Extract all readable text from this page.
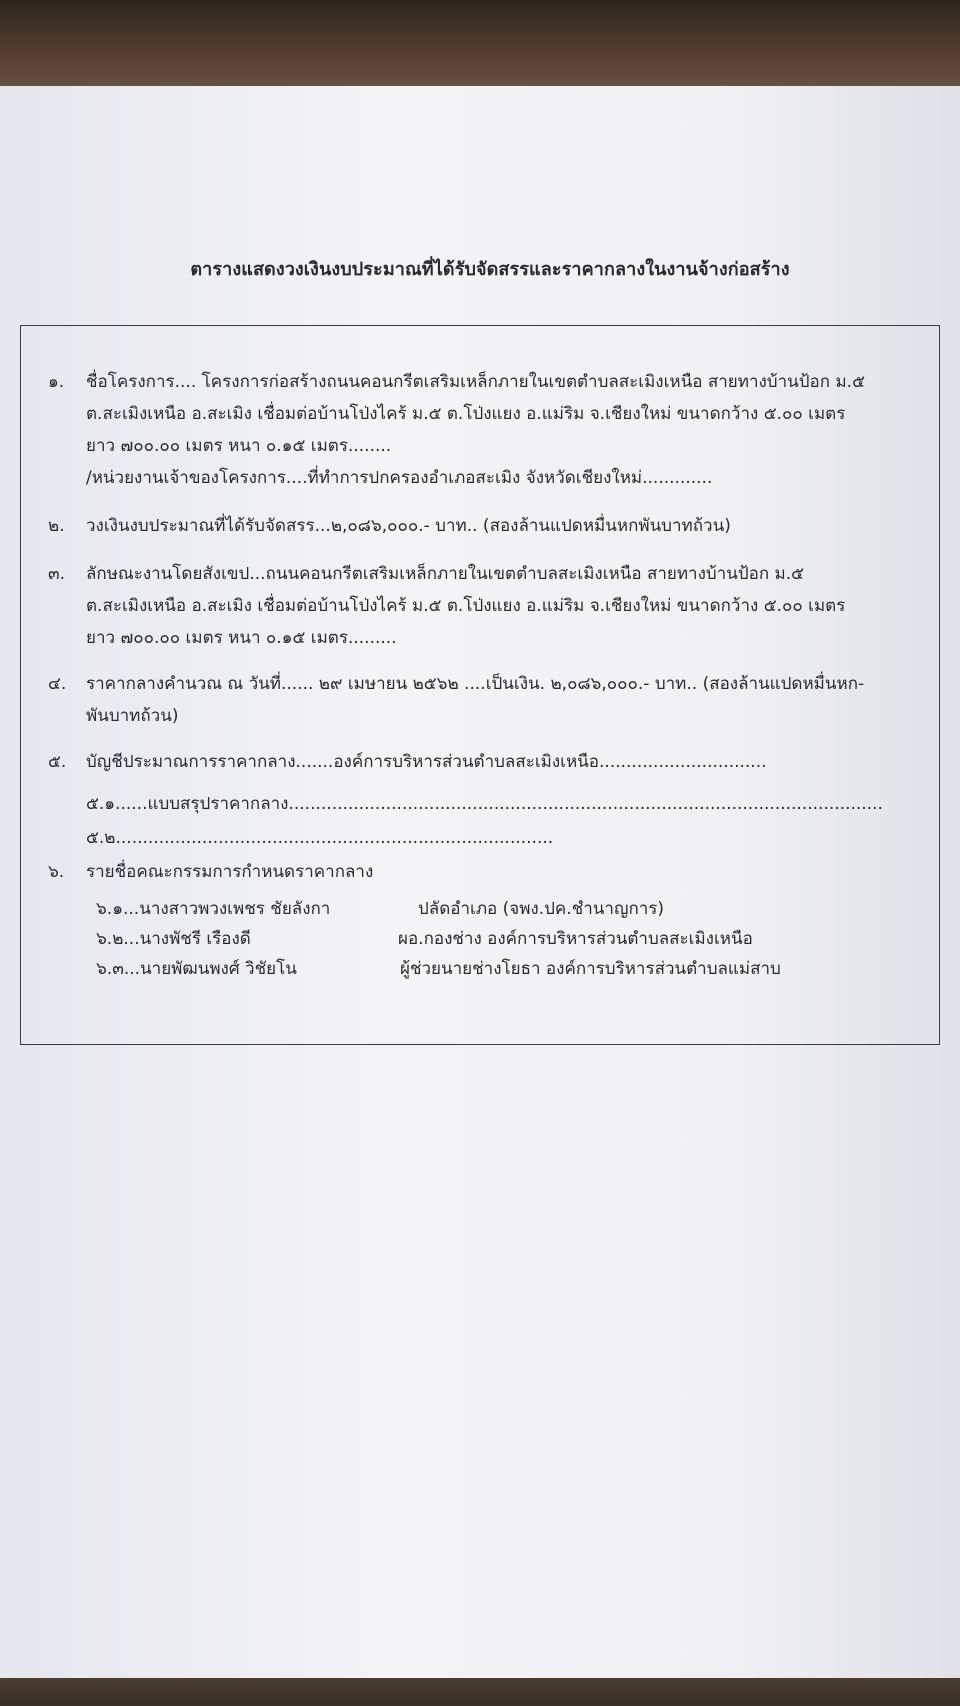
ตารางแสดงวงเงินงบประมาณที่ได้รับจัดสรรและราคากลางในงานจ้างก่อสร้าง
๑. ชื่อโครงการ.... โครงการก่อสร้างถนนคอนกรีตเสริมเหล็กภายในเขตตำบลสะเมิงเหนือ สายทางบ้านป้อก ม.๕
ต.สะเมิงเหนือ อ.สะเมิง เชื่อมต่อบ้านโป่งไคร้ ม.๕ ต.โป่งแยง อ.แม่ริม จ.เชียงใหม่ ขนาดกว้าง ๕.๐๐ เมตร
ยาว ๗๐๐.๐๐ เมตร หนา ๐.๑๕ เมตร........
/หน่วยงานเจ้าของโครงการ....ที่ทำการปกครองอำเภอสะเมิง จังหวัดเชียงใหม่.............
๒. วงเงินงบประมาณที่ได้รับจัดสรร...๒,๐๘๖,๐๐๐.- บาท.. (สองล้านแปดหมื่นหกพันบาทถ้วน)
๓. ลักษณะงานโดยสังเขป...ถนนคอนกรีตเสริมเหล็กภายในเขตตำบลสะเมิงเหนือ สายทางบ้านป้อก ม.๕
ต.สะเมิงเหนือ อ.สะเมิง เชื่อมต่อบ้านโป่งไคร้ ม.๕ ต.โป่งแยง อ.แม่ริม จ.เชียงใหม่ ขนาดกว้าง ๕.๐๐ เมตร
ยาว ๗๐๐.๐๐ เมตร หนา ๐.๑๕ เมตร.........
๔. ราคากลางคำนวณ ณ วันที่...... ๒๙ เมษายน ๒๕๖๒ ....เป็นเงิน. ๒,๐๘๖,๐๐๐.- บาท.. (สองล้านแปดหมื่นหก-
พันบาทถ้วน)
๕. บัญชีประมาณการราคากลาง.......องค์การบริหารส่วนตำบลสะเมิงเหนือ...............................
๕.๑......แบบสรุปราคากลาง..............................................................................................................
๕.๒.................................................................................
๖. รายชื่อคณะกรรมการกำหนดราคากลาง
๖.๑...นางสาวพวงเพชร ชัยลังกา	ปลัดอำเภอ (จพง.ปค.ชำนาญการ)
๖.๒...นางพัชรี เรืองดี	ผอ.กองช่าง องค์การบริหารส่วนตำบลสะเมิงเหนือ
๖.๓...นายพัฒนพงศ์ วิชัยโน	ผู้ช่วยนายช่างโยธา องค์การบริหารส่วนตำบลแม่สาบ
